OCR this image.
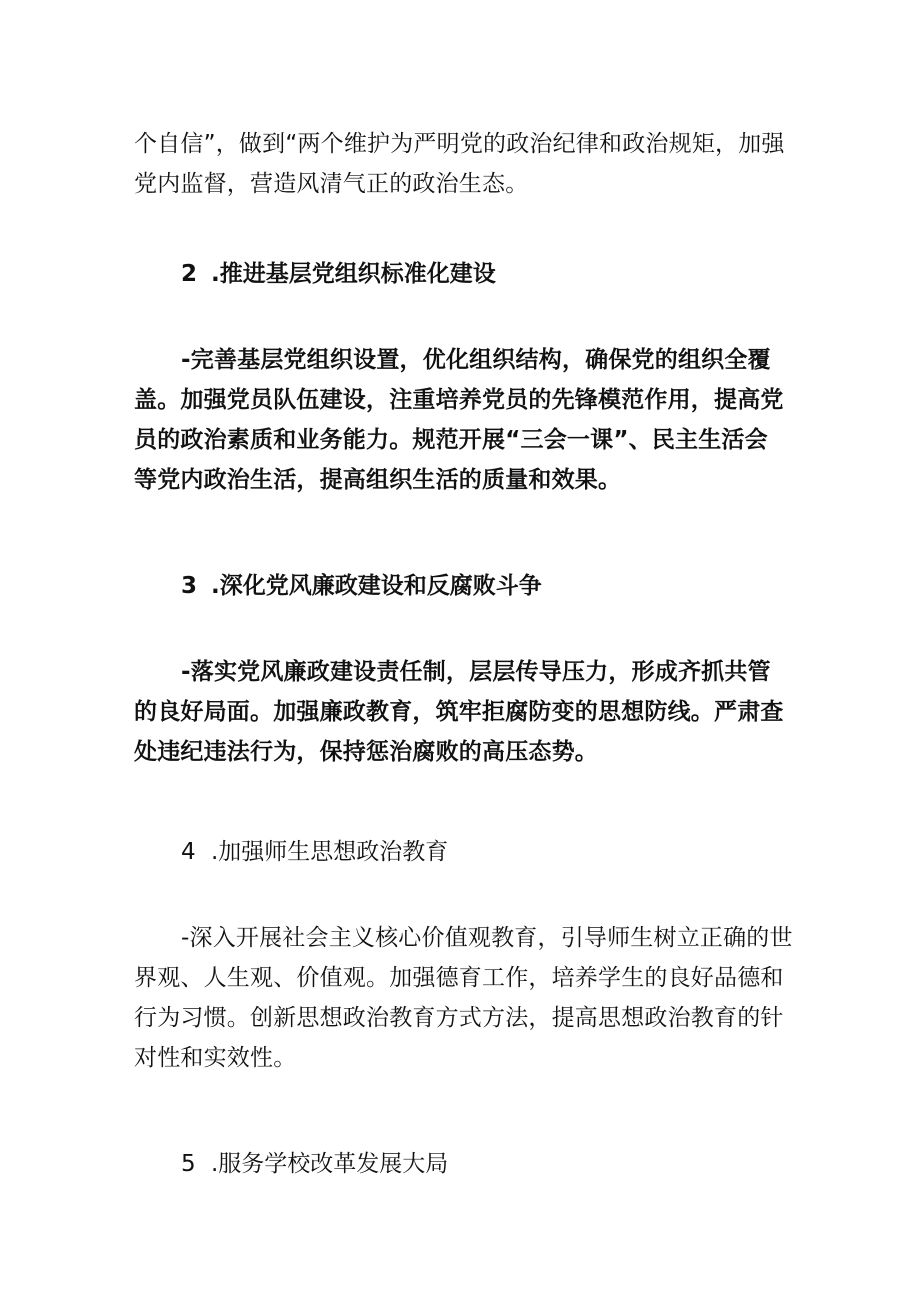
个自信”，做到“两个维护为严明党的政治纪律和政治规矩，加强
党内监督，营造风清气正的政治生态。
2 .推进基层党组织标准化建设
-完善基层党组织设置，优化组织结构，确保党的组织全覆
盖。加强党员队伍建设，注重培养党员的先锋模范作用，提高党
员的政治素质和业务能力。规范开展“三会一课”、民主生活会
等党内政治生活，提高组织生活的质量和效果。
3 .深化党风廉政建设和反腐败斗争
-落实党风廉政建设责任制，层层传导压力，形成齐抓共管
的良好局面。加强廉政教育，筑牢拒腐防变的思想防线。严肃查
处违纪违法行为，保持惩治腐败的高压态势。
4 .加强师生思想政治教育
-深入开展社会主义核心价值观教育，引导师生树立正确的世
界观、人生观、价值观。加强德育工作，培养学生的良好品德和
行为习惯。创新思想政治教育方式方法，提高思想政治教育的针
对性和实效性。
5 .服务学校改革发展大局
